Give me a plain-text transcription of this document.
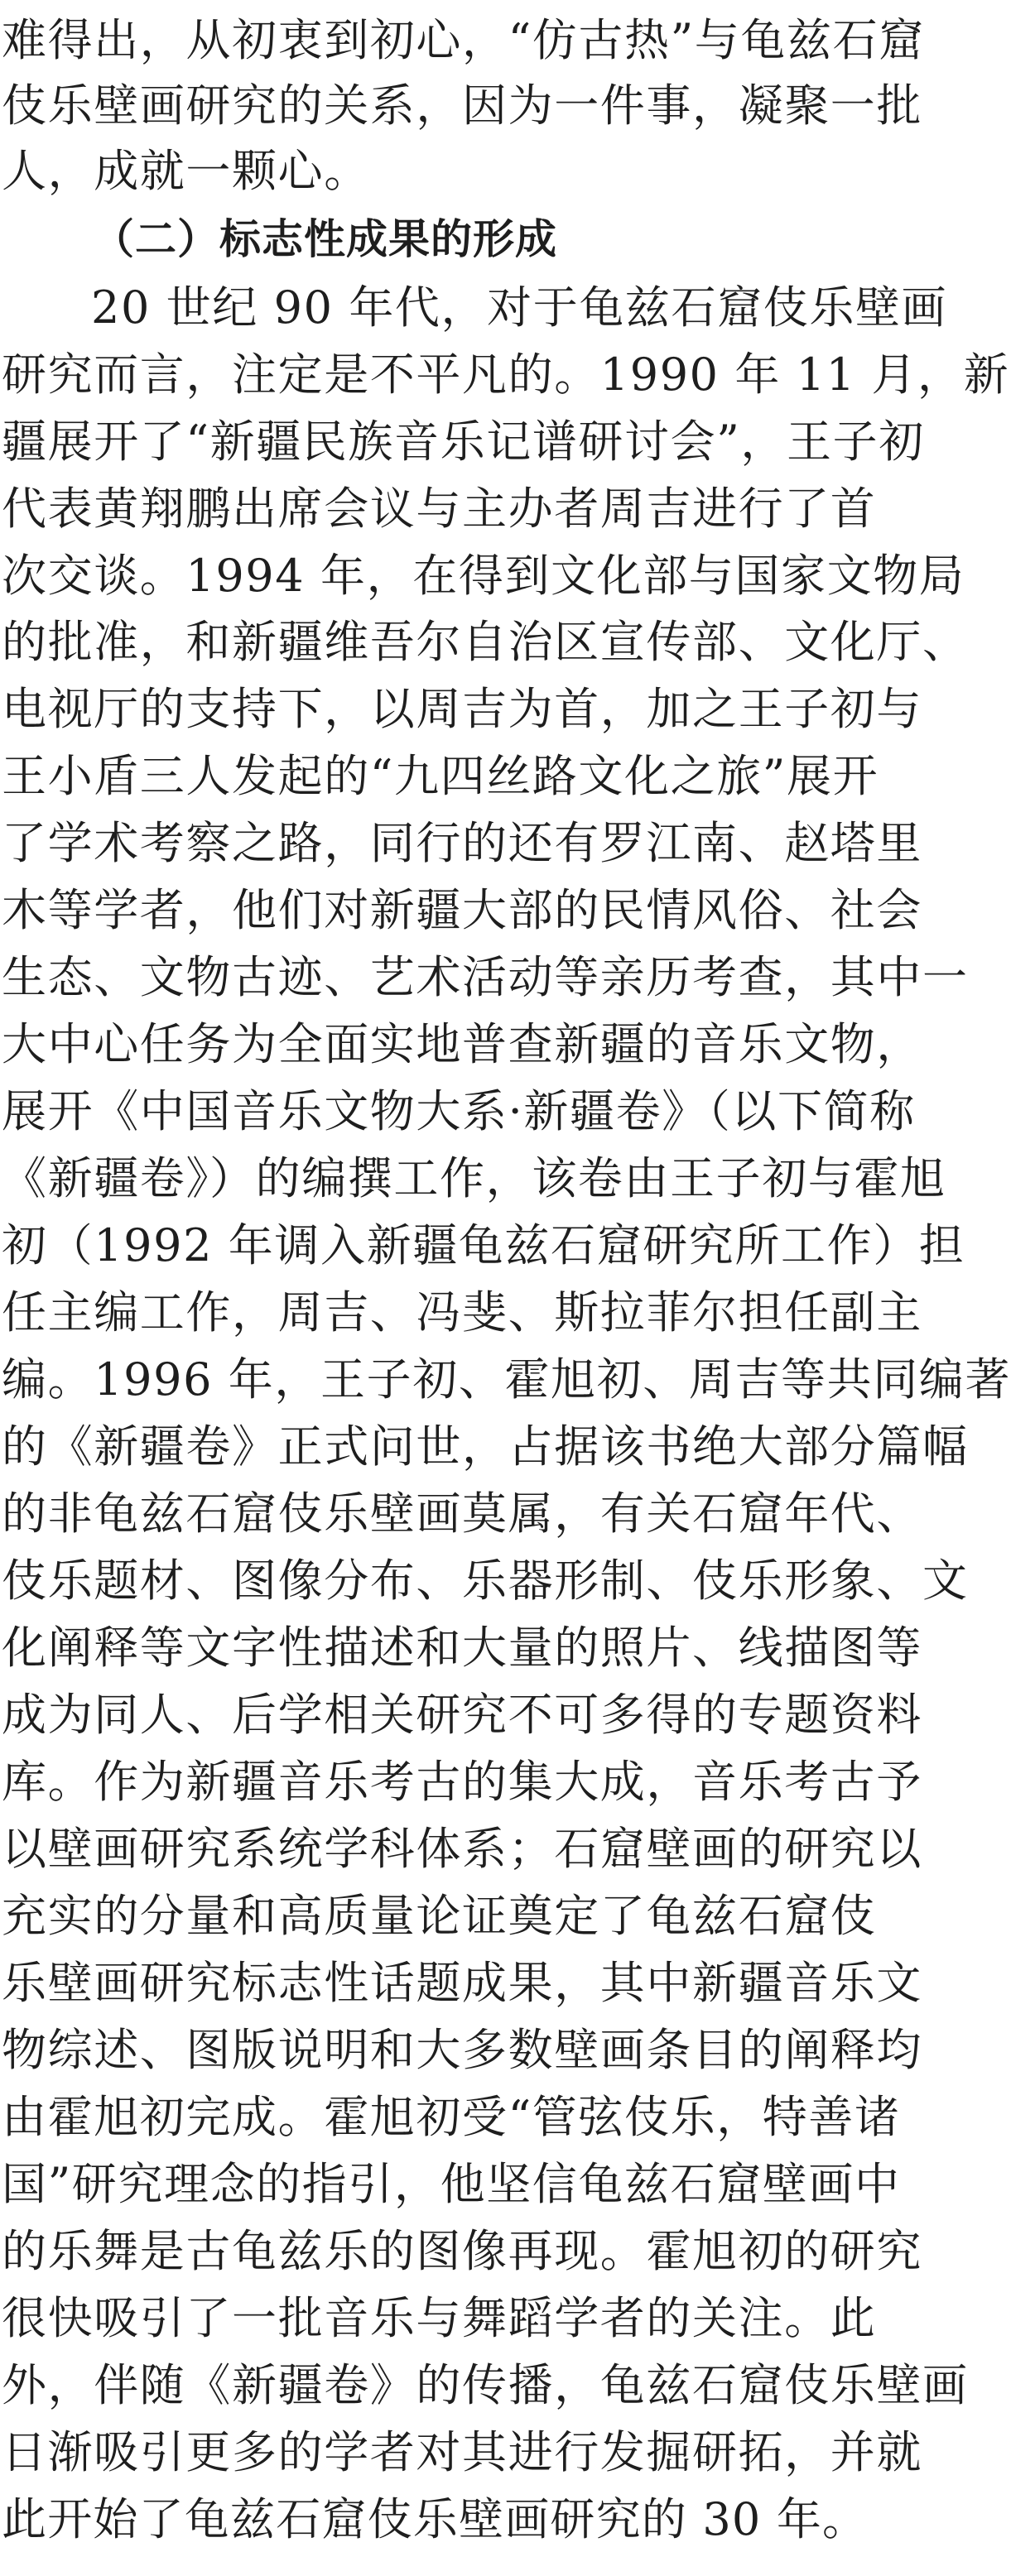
难得出，从初衷到初心，“仿古热”与龟兹石窟
伎乐壁画研究的关系，因为一件事，凝聚一批
人，成就一颗心。
（二）标志性成果的形成
20 世纪 90 年代，对于龟兹石窟伎乐壁画
研究而言，注定是不平凡的。1990 年 11 月，新
疆展开了“新疆民族音乐记谱研讨会”，王子初
代表黄翔鹏出席会议与主办者周吉进行了首
次交谈。1994 年，在得到文化部与国家文物局
的批准，和新疆维吾尔自治区宣传部、文化厅、
电视厅的支持下，以周吉为首，加之王子初与
王小盾三人发起的“九四丝路文化之旅”展开
了学术考察之路，同行的还有罗江南、赵塔里
木等学者，他们对新疆大部的民情风俗、社会
生态、文物古迹、艺术活动等亲历考查，其中一
大中心任务为全面实地普查新疆的音乐文物，
展开《中国音乐文物大系·新疆卷》（以下简称
《新疆卷》）的编撰工作，该卷由王子初与霍旭
初（1992 年调入新疆龟兹石窟研究所工作）担
任主编工作，周吉、冯斐、斯拉菲尔担任副主
编。1996 年，王子初、霍旭初、周吉等共同编著
的《新疆卷》正式问世，占据该书绝大部分篇幅
的非龟兹石窟伎乐壁画莫属，有关石窟年代、
伎乐题材、图像分布、乐器形制、伎乐形象、文
化阐释等文字性描述和大量的照片、线描图等
成为同人、后学相关研究不可多得的专题资料
库。作为新疆音乐考古的集大成，音乐考古予
以壁画研究系统学科体系；石窟壁画的研究以
充实的分量和高质量论证奠定了龟兹石窟伎
乐壁画研究标志性话题成果，其中新疆音乐文
物综述、图版说明和大多数壁画条目的阐释均
由霍旭初完成。霍旭初受“管弦伎乐，特善诸
国”研究理念的指引，他坚信龟兹石窟壁画中
的乐舞是古龟兹乐的图像再现。霍旭初的研究
很快吸引了一批音乐与舞蹈学者的关注。此
外，伴随《新疆卷》的传播，龟兹石窟伎乐壁画
日渐吸引更多的学者对其进行发掘研拓，并就
此开始了龟兹石窟伎乐壁画研究的 30 年。
